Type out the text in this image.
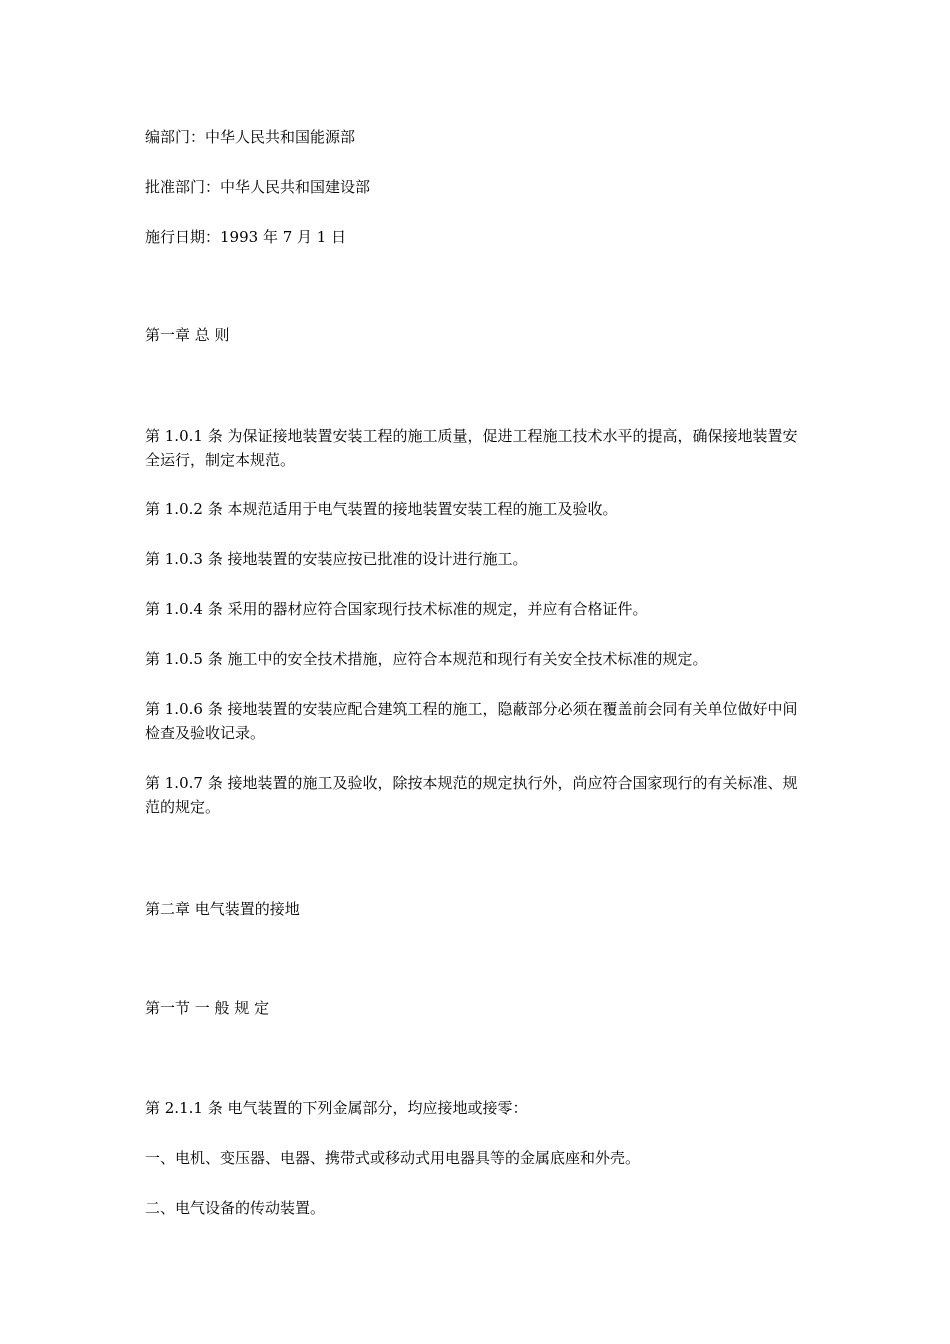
编部门：中华人民共和国能源部

批准部门：中华人民共和国建设部

施行日期：1993 年 7 月 1 日

第一章 总 则

第 1.0.1 条 为保证接地装置安装工程的施工质量，促进工程施工技术水平的提高，确保接地装置安全运行，制定本规范。

第 1.0.2 条 本规范适用于电气装置的接地装置安装工程的施工及验收。

第 1.0.3 条 接地装置的安装应按已批准的设计进行施工。

第 1.0.4 条 采用的器材应符合国家现行技术标准的规定，并应有合格证件。

第 1.0.5 条 施工中的安全技术措施，应符合本规范和现行有关安全技术标准的规定。

第 1.0.6 条 接地装置的安装应配合建筑工程的施工，隐蔽部分必须在覆盖前会同有关单位做好中间检查及验收记录。

第 1.0.7 条 接地装置的施工及验收，除按本规范的规定执行外，尚应符合国家现行的有关标准、规范的规定。

第二章 电气装置的接地

第一节 一 般 规 定

第 2.1.1 条 电气装置的下列金属部分，均应接地或接零：

一、电机、变压器、电器、携带式或移动式用电器具等的金属底座和外壳。

二、电气设备的传动装置。
